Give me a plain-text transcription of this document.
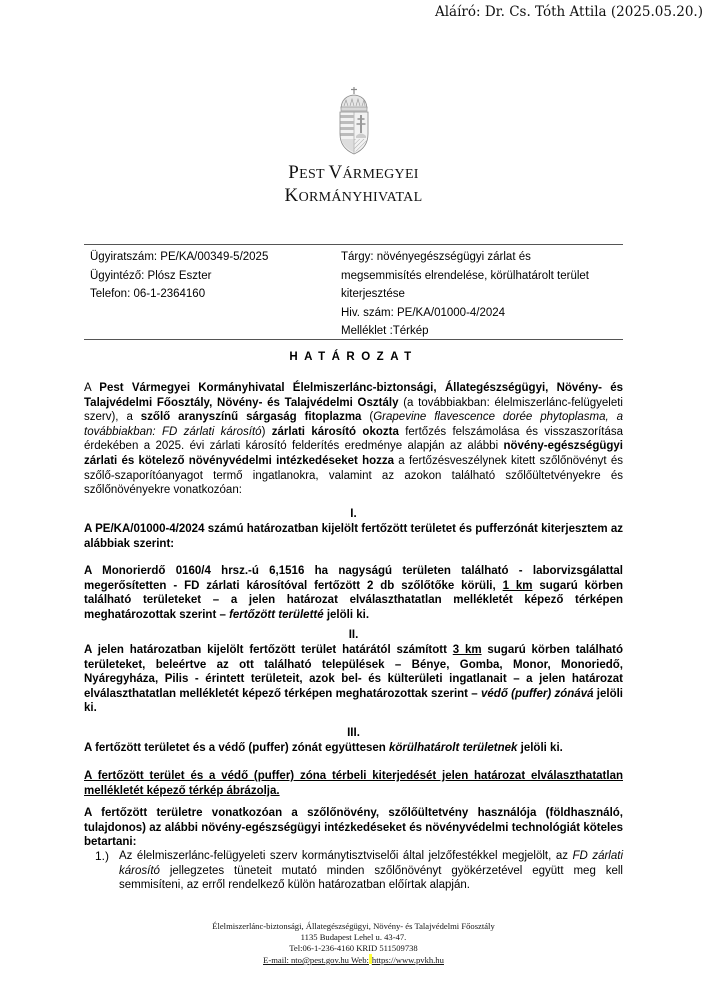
Aláíró: Dr. Cs. Tóth Attila (2025.05.20.)
PEST VÁRMEGYEI
KORMÁNYHIVATAL
Ügyiratszám: PE/KA/00349-5/2025
Ügyintéző: Plósz Eszter
Telefon: 06-1-2364160
Tárgy: növényegészségügyi zárlat és
megsemmisítés elrendelése, körülhatárolt terület
kiterjesztése
Hiv. szám: PE/KA/01000-4/2024
Melléklet :Térkép
HATÁROZAT
A Pest Vármegyei Kormányhivatal Élelmiszerlánc-biztonsági, Állategészségügyi, Növény- és Talajvédelmi Főosztály, Növény- és Talajvédelmi Osztály (a továbbiakban: élelmiszerlánc-felügyeleti szerv), a szőlő aranyszínű sárgaság fitoplazma (Grapevine flavescence dorée phytoplasma, a továbbiakban: FD zárlati károsító) zárlati károsító okozta fertőzés felszámolása és visszaszorítása érdekében a 2025. évi zárlati károsító felderítés eredménye alapján az alábbi növény-egészségügyi zárlati és kötelező növényvédelmi intézkedéseket hozza a fertőzésveszélynek kitett szőlőnövényt és szőlő-szaporítóanyagot termő ingatlanokra, valamint az azokon található szőlőültetvényekre és szőlőnövényekre vonatkozóan:
I.
A PE/KA/01000-4/2024 számú határozatban kijelölt fertőzött területet és pufferzónát kiterjesztem az alábbiak szerint:
A Monorierdő 0160/4 hrsz.-ú 6,1516 ha nagyságú területen található - laborvizsgálattal megerősítetten - FD zárlati károsítóval fertőzött 2 db szőlőtőke körüli, 1 km sugarú körben található területeket – a jelen határozat elválaszthatatlan mellékletét képező térképen meghatározottak szerint – fertőzött területté jelöli ki.
II.
A jelen határozatban kijelölt fertőzött terület határától számított 3 km sugarú körben található területeket, beleértve az ott található települések – Bénye, Gomba, Monor, Monoriedő, Nyáregyháza, Pilis - érintett területeit, azok bel- és külterületi ingatlanait – a jelen határozat elválaszthatatlan mellékletét képező térképen meghatározottak szerint – védő (puffer) zónává jelöli ki.
III.
A fertőzött területet és a védő (puffer) zónát együttesen körülhatárolt területnek jelöli ki.
A fertőzött terület és a védő (puffer) zóna térbeli kiterjedését jelen határozat elválaszthatatlan mellékletét képező térkép ábrázolja.
A fertőzött területre vonatkozóan a szőlőnövény, szőlőültetvény használója (földhasználó, tulajdonos) az alábbi növény-egészségügyi intézkedéseket és növényvédelmi technológiát köteles betartani:
1.) Az élelmiszerlánc-felügyeleti szerv kormánytisztviselői által jelzőfestékkel megjelölt, az FD zárlati károsító jellegzetes tüneteit mutató minden szőlőnövényt gyökérzetével együtt meg kell semmisíteni, az erről rendelkező külön határozatban előírtak alapján.
Élelmiszerlánc-biztonsági, Állategészségügyi, Növény- és Talajvédelmi Főosztály
1135 Budapest Lehel u. 43-47.
Tel:06-1-236-4160 KRID 511509738
E-mail: nto@pest.gov.hu Web: https://www.pvkh.hu
